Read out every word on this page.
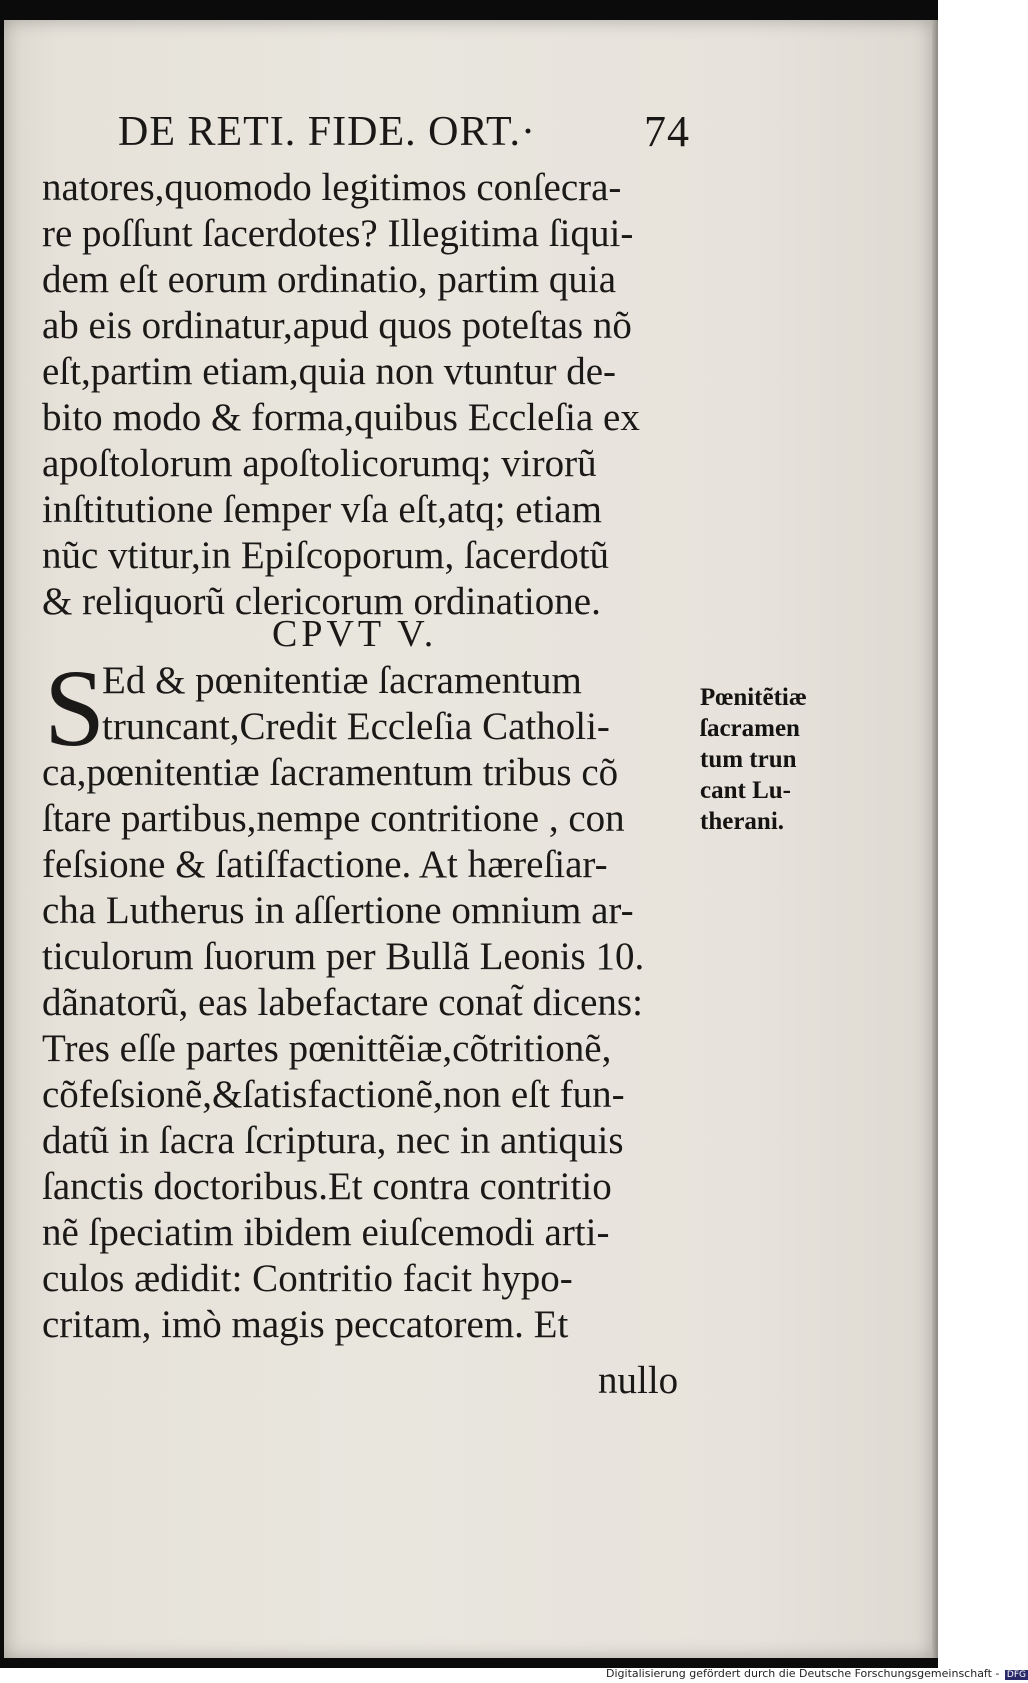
DE RETI. FIDE. ORT.· 74
natores,quomodo legitimos conſecra-
re poſſunt ſacerdotes? Illegitima ſiqui-
dem eſt eorum ordinatio, partim quia
ab eis ordinatur,apud quos poteſtas nõ
eſt,partim etiam,quia non vtuntur de-
bito modo & forma,quibus Eccleſia ex
apoſtolorum apoſtolicorumq; virorũ
inſtitutione ſemper vſa eſt,atq; etiam
nũc vtitur,in Epiſcoporum, ſacerdotũ
& reliquorũ clericorum ordinatione.
CPVT V.
S
Ed & pœnitentiæ ſacramentum
truncant,Credit Eccleſia Catholi-
ca,pœnitentiæ ſacramentum tribus cõ
ſtare partibus,nempe contritione , con
feſsione & ſatiſfactione. At hæreſiar-
cha Lutherus in aſſertione omnium ar-
ticulorum ſuorum per Bullã Leonis 10.
dãnatorũ, eas labefactare conat̃ dicens:
Tres eſſe partes pœnittẽiæ,cõtritionẽ,
cõfeſsionẽ,&ſatisfactionẽ,non eſt fun-
datũ in ſacra ſcriptura, nec in antiquis
ſanctis doctoribus.Et contra contritio
nẽ ſpeciatim ibidem eiuſcemodi arti-
culos ædidit: Contritio facit hypo-
critam, imò magis peccatorem. Et
nullo
Pœnitẽtiæ
ſacramen
tum trun
cant Lu-
therani.
Digitalisierung gefördert durch die Deutsche Forschungsgemeinschaft - DFG
